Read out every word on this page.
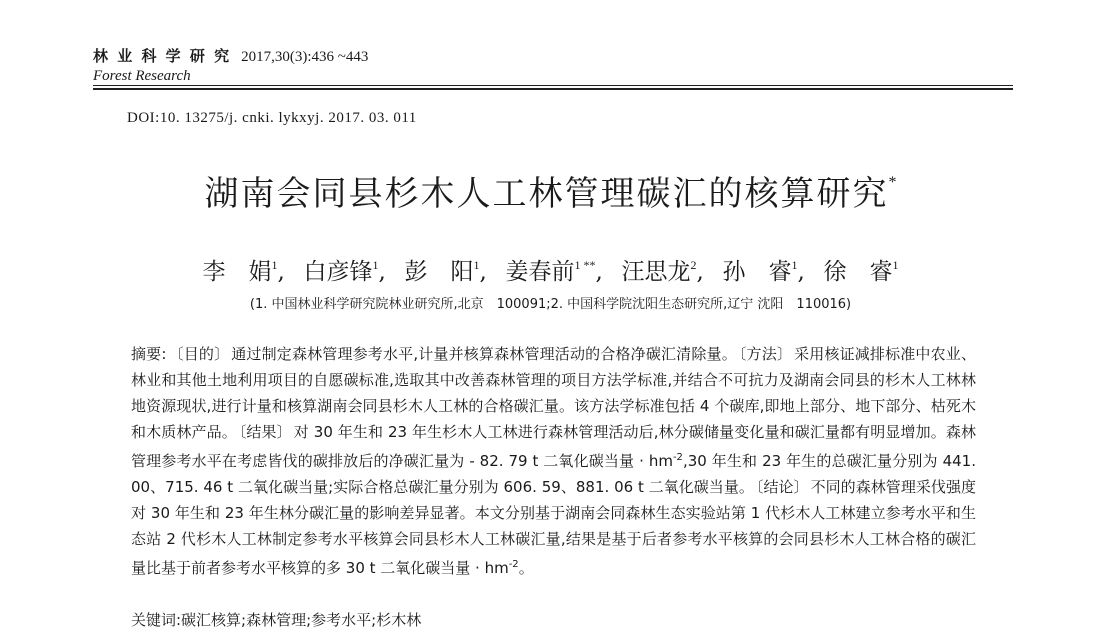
林 业 科 学 研 究 2017,30(3):436 ~443
Forest Research
DOI:10. 13275/j. cnki. lykxyj. 2017. 03. 011
湖南会同县杉木人工林管理碳汇的核算研究*
李　娟$^1$, 白彦锋$^1$, 彭　阳$^1$, 姜春前$^{1 **}$, 汪思龙$^2$, 孙　睿$^1$, 徐　睿$^1$
(1. 中国林业科学研究院林业研究所,北京　100091;2. 中国科学院沈阳生态研究所,辽宁 沈阳　110016)
摘要: 〔目的〕 通过制定森林管理参考水平,计量并核算森林管理活动的合格净碳汇清除量。 〔方法〕 采用核证减排标准中农业、林业和其他土地利用项目的自愿碳标准,选取其中改善森林管理的项目方法学标准,并结合不可抗力及湖南会同县的杉木人工林林地资源现状,进行计量和核算湖南会同县杉木人工林的合格碳汇量。该方法学标准包括 4 个碳库,即地上部分、地下部分、枯死木和木质林产品。 〔结果〕 对 30 年生和 23 年生杉木人工林进行森林管理活动后,林分碳储量变化量和碳汇量都有明显增加。森林管理参考水平在考虑皆伐的碳排放后的净碳汇量为 - 82. 79 t 二氧化碳当量 · $hm^{-2},30$ 年生和 23 年生的总碳汇量分别为 441. 00、715. 46 t 二氧化碳当量;实际合格总碳汇量分别为 606. 59、881. 06 t 二氧化碳当量。 〔结论〕 不同的森林管理采伐强度对 30 年生和 23 年生林分碳汇量的影响差异显著。本文分别基于湖南会同森林生态实验站第 1 代杉木人工林建立参考水平和生态站 2 代杉木人工林制定参考水平核算会同县杉木人工林碳汇量,结果是基于后者参考水平核算的会同县杉木人工林合格的碳汇量比基于前者参考水平核算的多 30 t 二氧化碳当量 · $hm^{-2}$。
关键词:碳汇核算;森林管理;参考水平;杉木林
